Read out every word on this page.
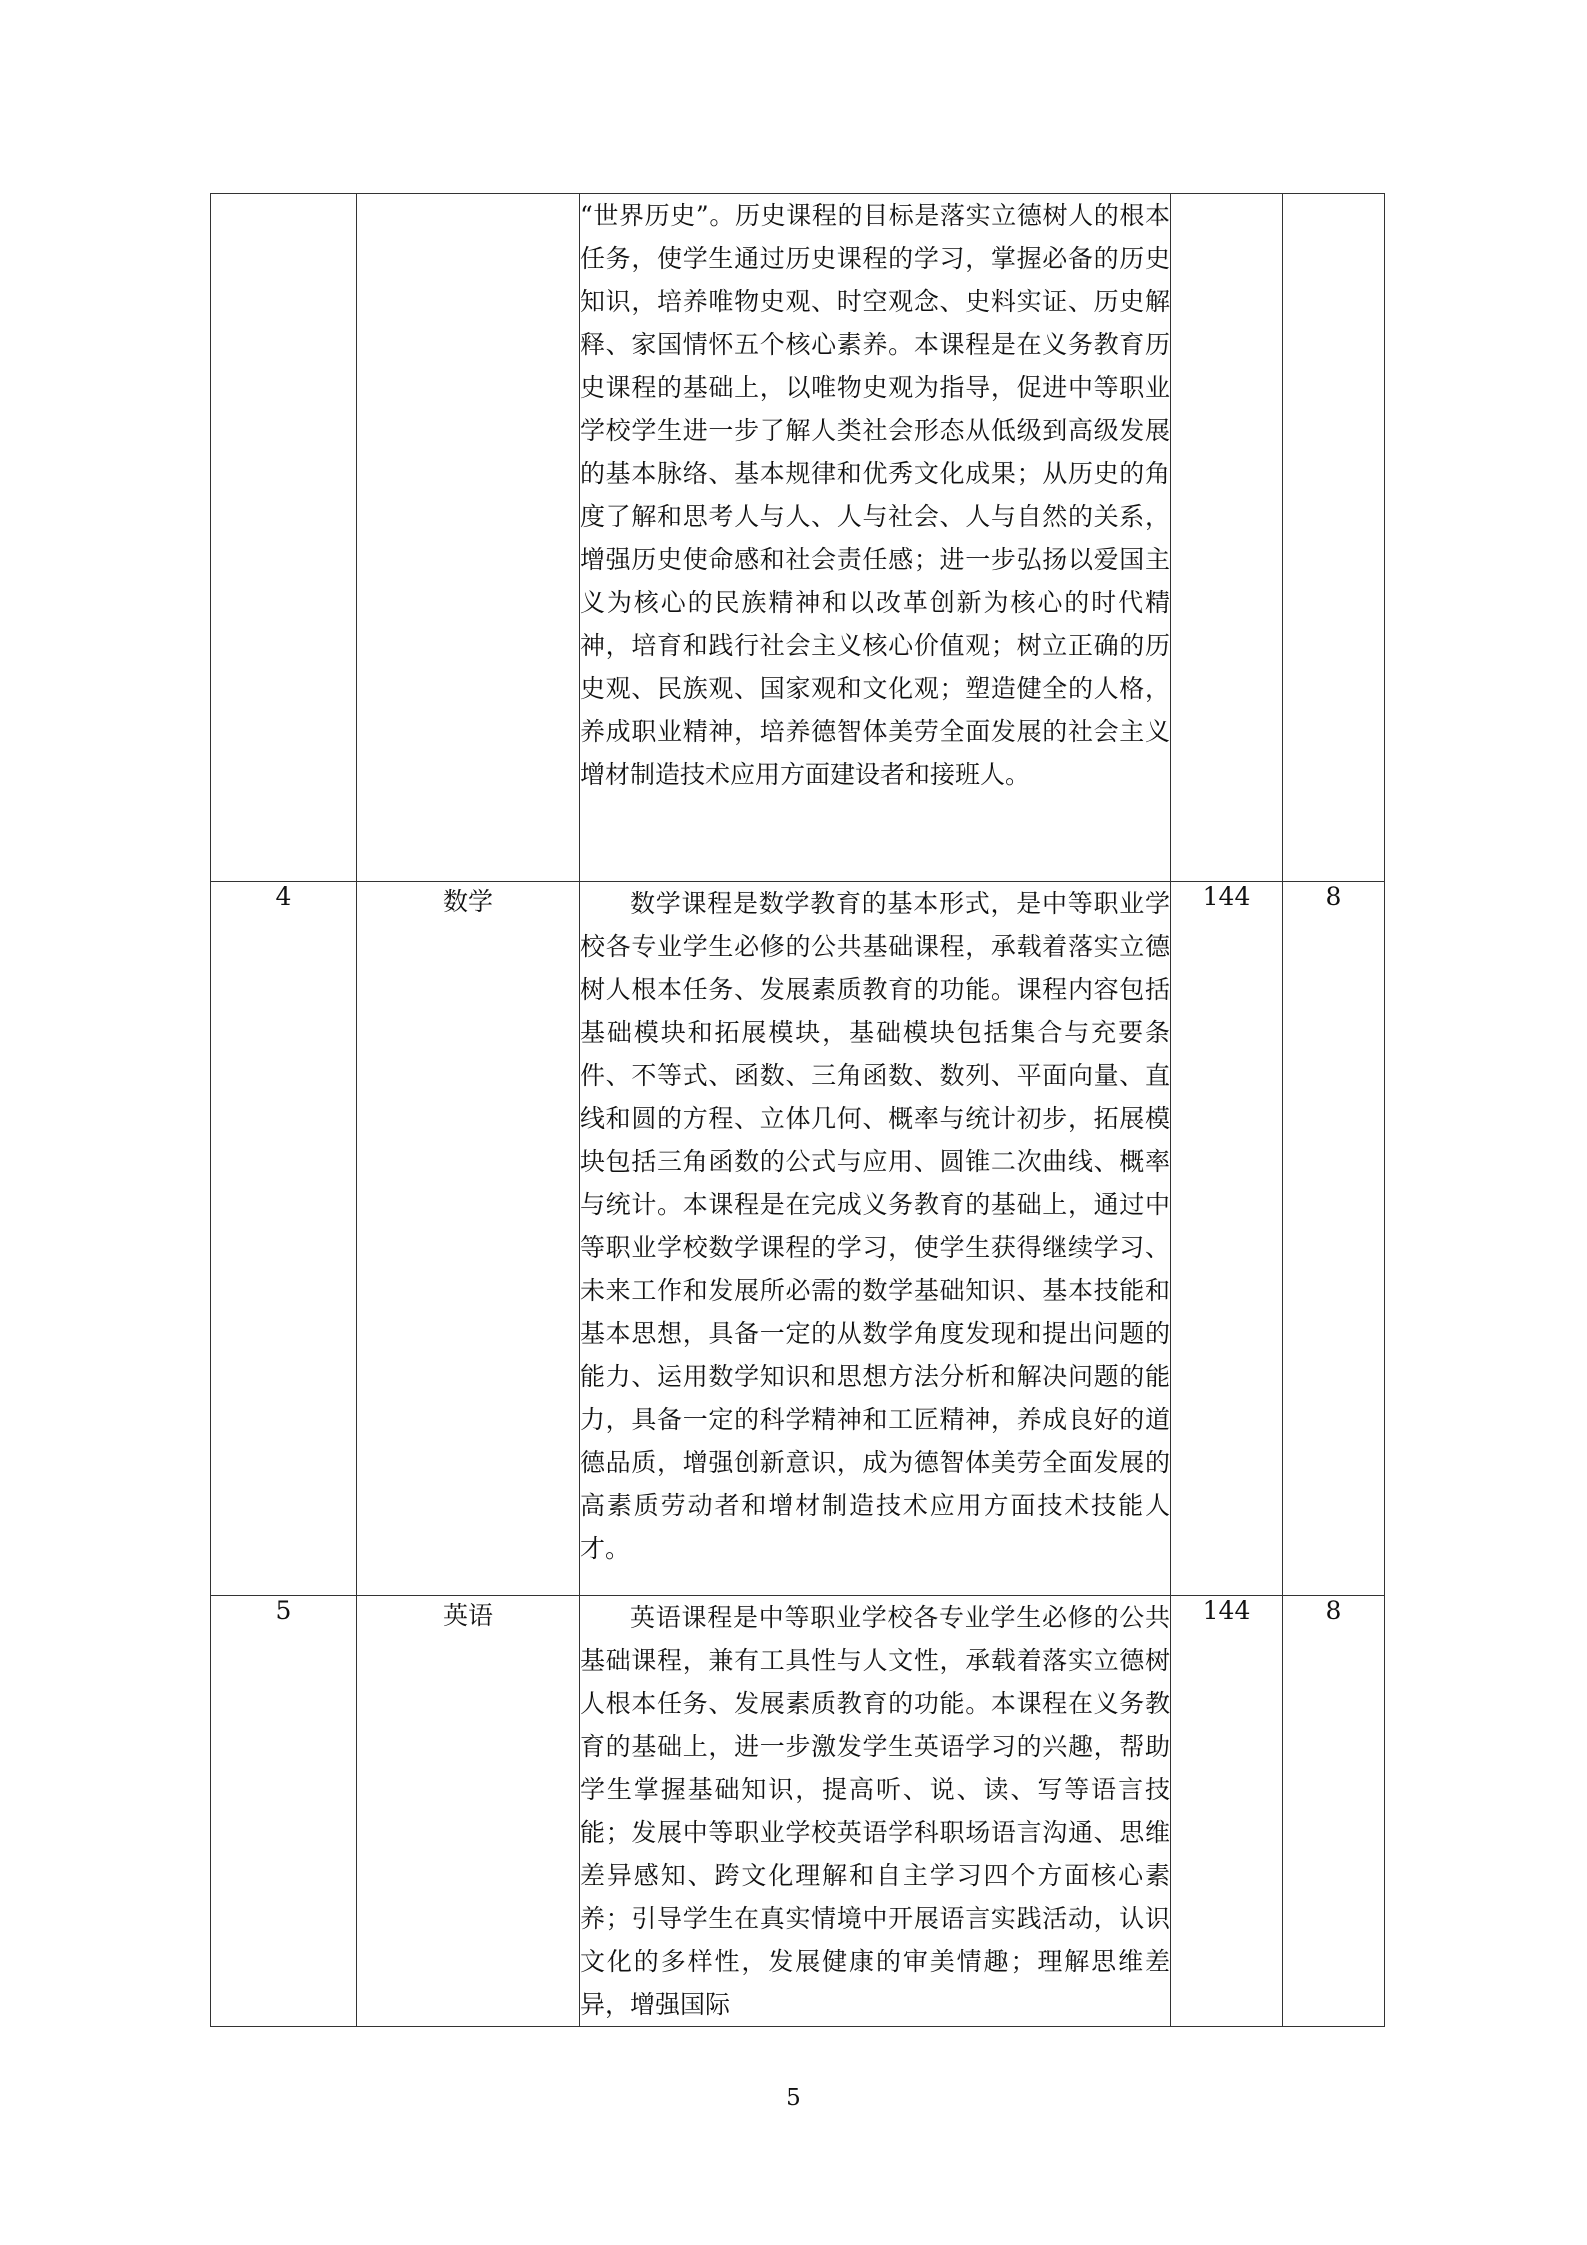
		“世界历史”。历史课程的目标是落实立德树人的根本任务，使学生通过历史课程的学习，掌握必备的历史知识，培养唯物史观、时空观念、史料实证、历史解释、家国情怀五个核心素养。本课程是在义务教育历史课程的基础上，以唯物史观为指导，促进中等职业学校学生进一步了解人类社会形态从低级到高级发展的基本脉络、基本规律和优秀文化成果；从历史的角度了解和思考人与人、人与社会、人与自然的关系，增强历史使命感和社会责任感；进一步弘扬以爱国主义为核心的民族精神和以改革创新为核心的时代精神，培育和践行社会主义核心价值观；树立正确的历史观、民族观、国家观和文化观；塑造健全的人格，养成职业精神，培养德智体美劳全面发展的社会主义增材制造技术应用方面建设者和接班人。		

4	数学	数学课程是数学教育的基本形式，是中等职业学校各专业学生必修的公共基础课程，承载着落实立德树人根本任务、发展素质教育的功能。课程内容包括基础模块和拓展模块，基础模块包括集合与充要条件、不等式、函数、三角函数、数列、平面向量、直线和圆的方程、立体几何、概率与统计初步，拓展模块包括三角函数的公式与应用、圆锥二次曲线、概率与统计。本课程是在完成义务教育的基础上，通过中等职业学校数学课程的学习，使学生获得继续学习、未来工作和发展所必需的数学基础知识、基本技能和基本思想，具备一定的从数学角度发现和提出问题的能力、运用数学知识和思想方法分析和解决问题的能力，具备一定的科学精神和工匠精神，养成良好的道德品质，增强创新意识，成为德智体美劳全面发展的高素质劳动者和增材制造技术应用方面技术技能人才。	144	8
5	英语	英语课程是中等职业学校各专业学生必修的公共基础课程，兼有工具性与人文性，承载着落实立德树人根本任务、发展素质教育的功能。本课程在义务教育的基础上，进一步激发学生英语学习的兴趣，帮助学生掌握基础知识，提高听、说、读、写等语言技能；发展中等职业学校英语学科职场语言沟通、思维差异感知、跨文化理解和自主学习四个方面核心素养；引导学生在真实情境中开展语言实践活动，认识文化的多样性，发展健康的审美情趣；理解思维差异，增强国际	144	8
5
